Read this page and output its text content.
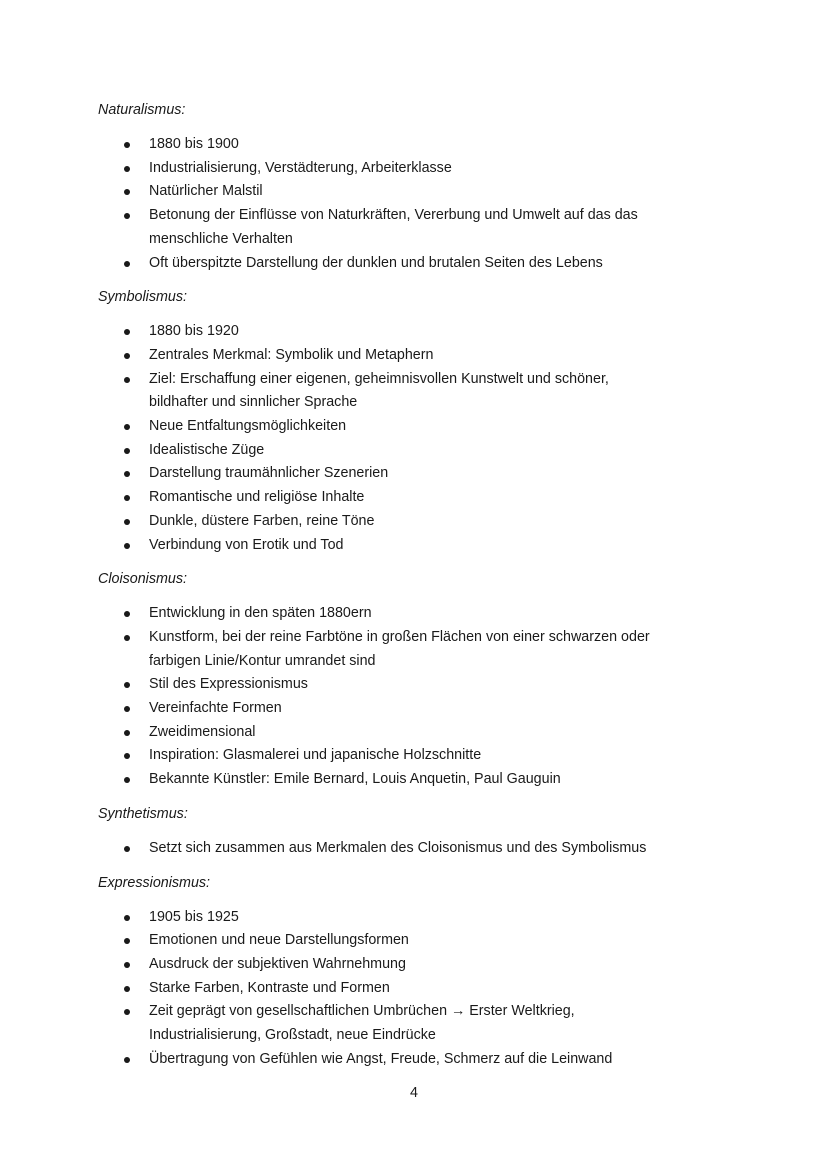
Naturalismus:
1880 bis 1900
Industrialisierung, Verstädterung, Arbeiterklasse
Natürlicher Malstil
Betonung der Einflüsse von Naturkräften, Vererbung und Umwelt auf das das
menschliche Verhalten
Oft überspitzte Darstellung der dunklen und brutalen Seiten des Lebens
Symbolismus:
1880 bis 1920
Zentrales Merkmal: Symbolik und Metaphern
Ziel: Erschaffung einer eigenen, geheimnisvollen Kunstwelt und schöner,
bildhafter und sinnlicher Sprache
Neue Entfaltungsmöglichkeiten
Idealistische Züge
Darstellung traumähnlicher Szenerien
Romantische und religiöse Inhalte
Dunkle, düstere Farben, reine Töne
Verbindung von Erotik und Tod
Cloisonismus:
Entwicklung in den späten 1880ern
Kunstform, bei der reine Farbtöne in großen Flächen von einer schwarzen oder
farbigen Linie/Kontur umrandet sind
Stil des Expressionismus
Vereinfachte Formen
Zweidimensional
Inspiration: Glasmalerei und japanische Holzschnitte
Bekannte Künstler: Emile Bernard, Louis Anquetin, Paul Gauguin
Synthetismus:
Setzt sich zusammen aus Merkmalen des Cloisonismus und des Symbolismus
Expressionismus:
1905 bis 1925
Emotionen und neue Darstellungsformen
Ausdruck der subjektiven Wahrnehmung
Starke Farben, Kontraste und Formen
Zeit geprägt von gesellschaftlichen Umbrüchen → Erster Weltkrieg,
Industrialisierung, Großstadt, neue Eindrücke
Übertragung von Gefühlen wie Angst, Freude, Schmerz auf die Leinwand
4
